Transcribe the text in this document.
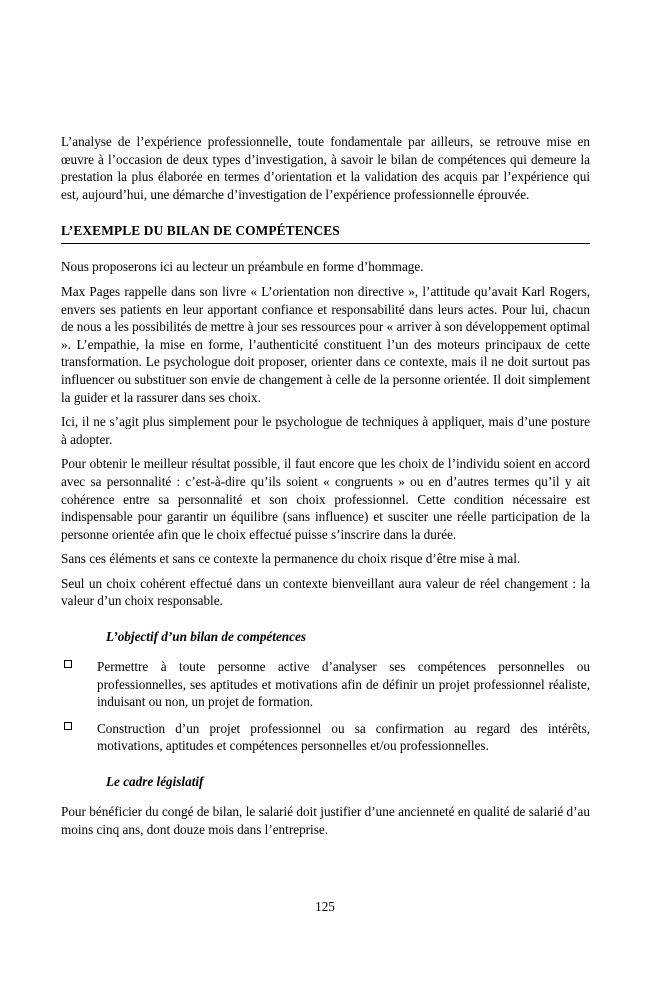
L’analyse de l’expérience professionnelle, toute fondamentale par ailleurs, se retrouve mise en œuvre à l’occasion de deux types d’investigation, à savoir le bilan de compétences qui demeure la prestation la plus élaborée en termes d’orientation et la validation des acquis par l’expérience qui est, aujourd’hui, une démarche d’investigation de l’expérience professionnelle éprouvée.

L’EXEMPLE DU BILAN DE COMPÉTENCES

Nous proposerons ici au lecteur un préambule en forme d’hommage.

Max Pages rappelle dans son livre « L’orientation non directive », l’attitude qu’avait Karl Rogers, envers ses patients en leur apportant confiance et responsabilité dans leurs actes. Pour lui, chacun de nous a les possibilités de mettre à jour ses ressources pour « arriver à son développement optimal ». L’empathie, la mise en forme, l’authenticité constituent l’un des moteurs principaux de cette transformation. Le psychologue doit proposer, orienter dans ce contexte, mais il ne doit surtout pas influencer ou substituer son envie de changement à celle de la personne orientée. Il doit simplement la guider et la rassurer dans ses choix.

Ici, il ne s’agit plus simplement pour le psychologue de techniques à appliquer, mais d’une posture à adopter.

Pour obtenir le meilleur résultat possible, il faut encore que les choix de l’individu soient en accord avec sa personnalité : c’est-à-dire qu’ils soient « congruents » ou en d’autres termes qu’il y ait cohérence entre sa personnalité et son choix professionnel. Cette condition nécessaire est indispensable pour garantir un équilibre (sans influence) et susciter une réelle participation de la personne orientée afin que le choix effectué puisse s’inscrire dans la durée.

Sans ces éléments et sans ce contexte la permanence du choix risque d’être mise à mal.

Seul un choix cohérent effectué dans un contexte bienveillant aura valeur de réel changement : la valeur d’un choix responsable.

L’objectif d’un bilan de compétences
Permettre à toute personne active d’analyser ses compétences personnelles ou professionnelles, ses aptitudes et motivations afin de définir un projet professionnel réaliste, induisant ou non, un projet de formation.
Construction d’un projet professionnel ou sa confirmation au regard des intérêts, motivations, aptitudes et compétences personnelles et/ou professionnelles.
Le cadre législatif

Pour bénéficier du congé de bilan, le salarié doit justifier d’une ancienneté en qualité de salarié d’au moins cinq ans, dont douze mois dans l’entreprise.

125
